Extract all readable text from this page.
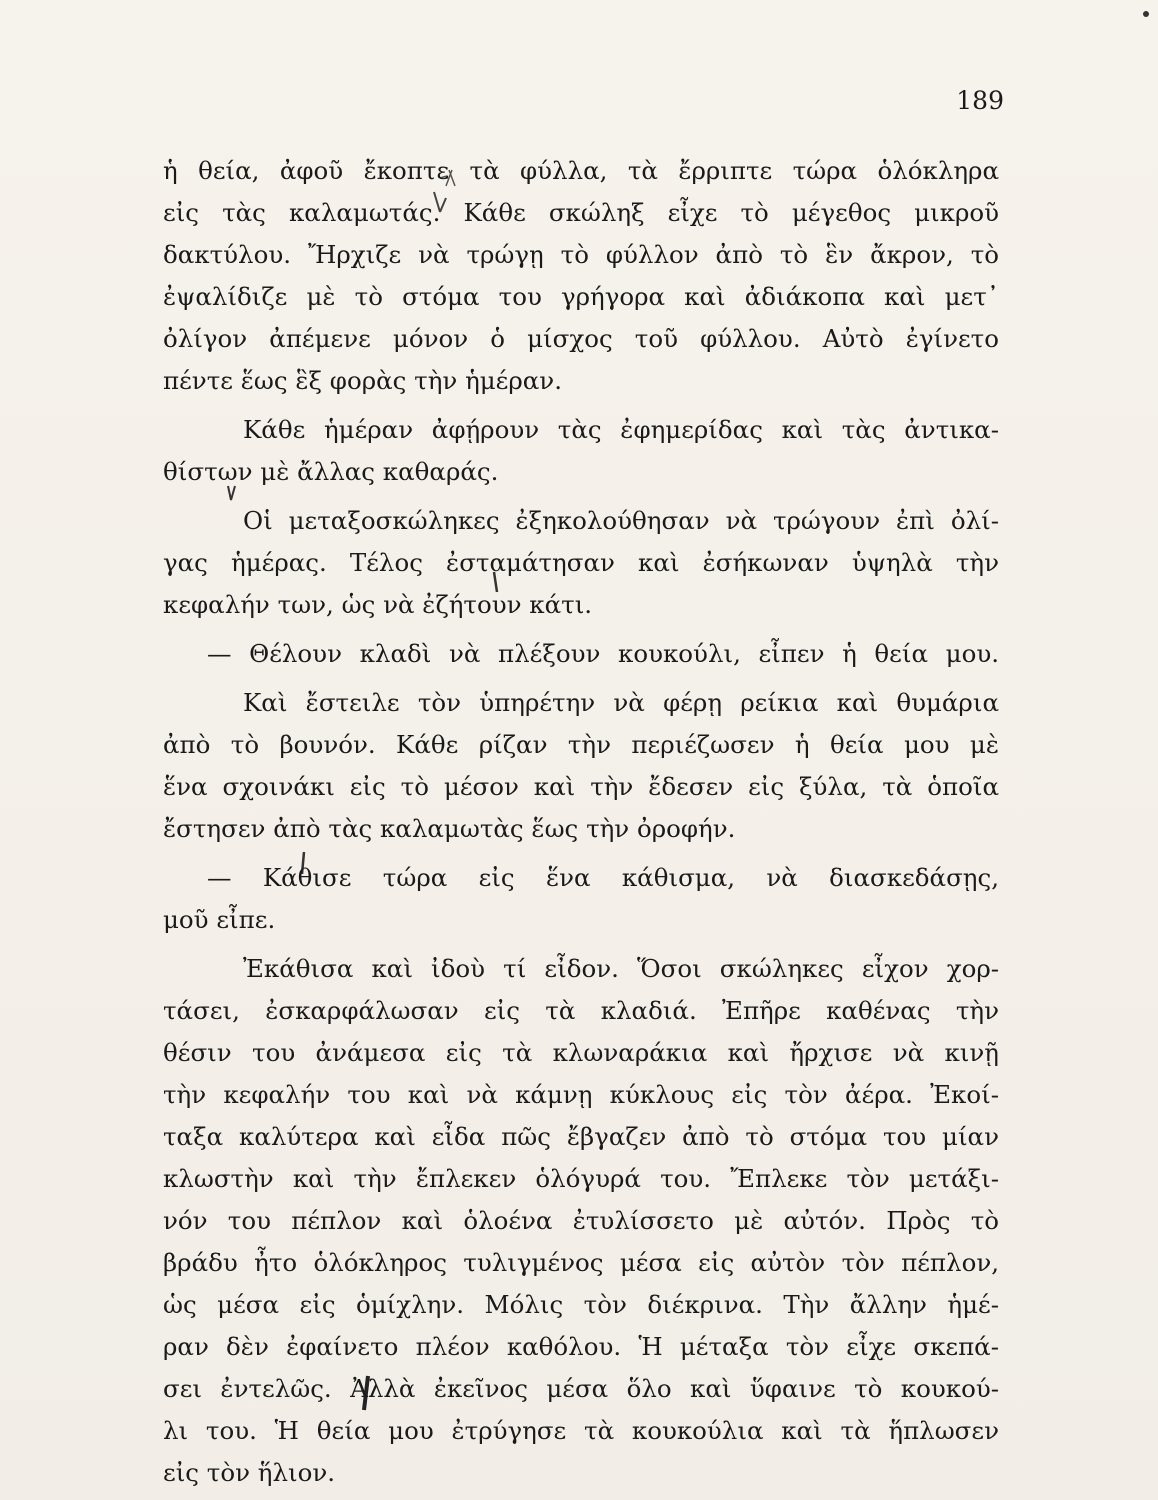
189
ἡ θεία, ἀφοῦ ἔκοπτε τὰ φύλλα, τὰ ἔρριπτε τώρα ὁλόκληρα
εἰς τὰς καλαμωτάς. Κάθε σκώληξ εἶχε τὸ μέγεθος μικροῦ
δακτύλου. Ἤρχιζε νὰ τρώγῃ τὸ φύλλον ἀπὸ τὸ ἓν ἄκρον, τὸ
ἐψαλίδιζε μὲ τὸ στόμα του γρήγορα καὶ ἀδιάκοπα καὶ μετ᾿
ὀλίγον ἀπέμενε μόνον ὁ μίσχος τοῦ φύλλου. Αὐτὸ ἐγίνετο
πέντε ἕως ἓξ φορὰς τὴν ἡμέραν.
Κάθε ἡμέραν ἀφῄρουν τὰς ἐφημερίδας καὶ τὰς ἀντικα-
θίστων μὲ ἄλλας καθαράς.
Οἱ μεταξοσκώληκες ἐξηκολούθησαν νὰ τρώγουν ἐπὶ ὀλί-
γας ἡμέρας. Τέλος ἐσταμάτησαν καὶ ἐσήκωναν ὑψηλὰ τὴν
κεφαλήν των, ὡς νὰ ἐζήτουν κάτι.
— Θέλουν κλαδὶ νὰ πλέξουν κουκούλι, εἶπεν ἡ θεία μου.
Καὶ ἔστειλε τὸν ὑπηρέτην νὰ φέρῃ ρείκια καὶ θυμάρια
ἀπὸ τὸ βουνόν. Κάθε ρίζαν τὴν περιέζωσεν ἡ θεία μου μὲ
ἕνα σχοινάκι εἰς τὸ μέσον καὶ τὴν ἔδεσεν εἰς ξύλα, τὰ ὁποῖα
ἔστησεν ἀπὸ τὰς καλαμωτὰς ἕως τὴν ὀροφήν.
— Κάθισε τώρα εἰς ἕνα κάθισμα, νὰ διασκεδάσῃς,
μοῦ εἶπε.
Ἐκάθισα καὶ ἰδοὺ τί εἶδον. Ὅσοι σκώληκες εἶχον χορ-
τάσει, ἐσκαρφάλωσαν εἰς τὰ κλαδιά. Ἐπῆρε καθένας τὴν
θέσιν του ἀνάμεσα εἰς τὰ κλωναράκια καὶ ἤρχισε νὰ κινῇ
τὴν κεφαλήν του καὶ νὰ κάμνῃ κύκλους εἰς τὸν ἀέρα. Ἐκοί-
ταξα καλύτερα καὶ εἶδα πῶς ἔβγαζεν ἀπὸ τὸ στόμα του μίαν
κλωστὴν καὶ τὴν ἔπλεκεν ὁλόγυρά του. Ἔπλεκε τὸν μετάξι-
νόν του πέπλον καὶ ὁλοένα ἐτυλίσσετο μὲ αὐτόν. Πρὸς τὸ
βράδυ ἦτο ὁλόκληρος τυλιγμένος μέσα εἰς αὐτὸν τὸν πέπλον,
ὡς μέσα εἰς ὁμίχλην. Μόλις τὸν διέκρινα. Τὴν ἄλλην ἡμέ-
ραν δὲν ἐφαίνετο πλέον καθόλου. Ἡ μέταξα τὸν εἶχε σκεπά-
σει ἐντελῶς. Ἀλλὰ ἐκεῖνος μέσα ὅλο καὶ ὕφαινε τὸ κουκού-
λι του. Ἡ θεία μου ἐτρύγησε τὰ κουκούλια καὶ τὰ ἥπλωσεν
εἰς τὸν ἥλιον.
